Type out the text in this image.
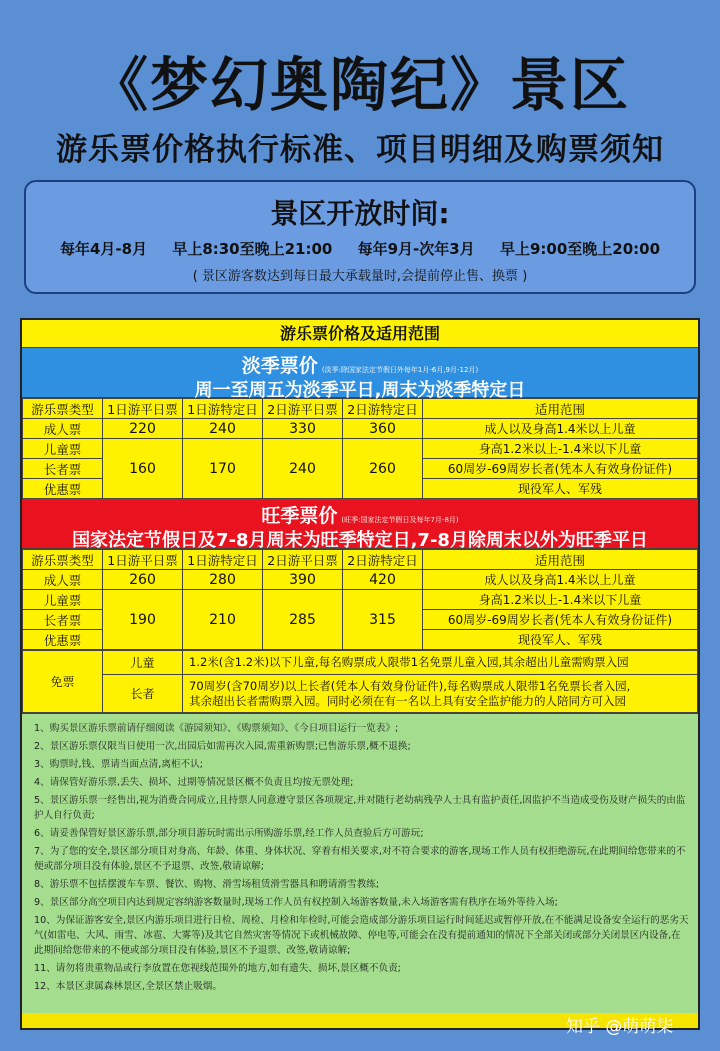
《梦幻奥陶纪》景区
游乐票价格执行标准、项目明细及购票须知
景区开放时间:
每年4月-8月 早上8:30至晚上21:00 每年9月-次年3月 早上9:00至晚上20:00
( 景区游客数达到每日最大承载量时,会提前停止售、换票 )
游乐票价格及适用范围
淡季票价 (淡季:除国家法定节假日外每年1月-6月,9月-12月)
周一至周五为淡季平日,周末为淡季特定日
游乐票类型	1日游平日票	1日游特定日	2日游平日票	2日游特定日	适用范围
成人票	220	240	330	360	成人以及身高1.4米以上儿童
儿童票	160	170	240	260	身高1.2米以上-1.4米以下儿童
长者票					60周岁-69周岁长者(凭本人有效身份证件)
优惠票					现役军人、军残
旺季票价 (旺季:国家法定节假日及每年7月-8月)
国家法定节假日及7-8月周末为旺季特定日,7-8月除周末以外为旺季平日
游乐票类型	1日游平日票	1日游特定日	2日游平日票	2日游特定日	适用范围
成人票	260	280	390	420	成人以及身高1.4米以上儿童
儿童票	190	210	285	315	身高1.2米以上-1.4米以下儿童
长者票					60周岁-69周岁长者(凭本人有效身份证件)
优惠票					现役军人、军残
免票	儿童	1.2米(含1.2米)以下儿童,每名购票成人限带1名免票儿童入园,其余超出儿童需购票入园
	长者	70周岁(含70周岁)以上长者(凭本人有效身份证件),每名购票成人限带1名免票长者入园,
其余超出长者需购票入园。同时必须在有一名以上具有安全监护能力的人陪同方可入园

1、购买景区游乐票前请仔细阅读《游园须知》、《购票须知》、《今日项目运行一览表》;

2、景区游乐票仅限当日使用一次,出园后如需再次入园,需重新购票;已售游乐票,概不退换;

3、购票时,钱、票请当面点清,离柜不认;

4、请保管好游乐票,丢失、损坏、过期等情况景区概不负责且均按无票处理;

5、景区游乐票一经售出,视为消费合同成立,且持票人同意遵守景区各项规定,并对随行老幼病残孕人士具有监护责任,因监护不当造成受伤及财产损失的由监护人自行负责;

6、请妥善保管好景区游乐票,部分项目游玩时需出示所购游乐票,经工作人员查验后方可游玩;

7、为了您的安全,景区部分项目对身高、年龄、体重、身体状况、穿着有相关要求,对不符合要求的游客,现场工作人员有权拒绝游玩,在此期间给您带来的不便或部分项目没有体验,景区不予退票、改签,敬请谅解;

8、游乐票不包括摆渡车车票、餐饮、购物、滑雪场租赁滑雪器具和聘请滑雪教练;

9、景区部分高空项目内达到规定容纳游客数量时,现场工作人员有权控制入场游客数量,未入场游客需有秩序在场外等待入场;

10、为保证游客安全,景区内游乐项目进行日检、周检、月检和年检时,可能会造成部分游乐项目运行时间延迟或暂停开放,在不能满足设备安全运行的恶劣天气(如雷电、大风、雨雪、冰雹、大雾等)及其它自然灾害等情况下或机械故障、停电等,可能会在没有提前通知的情况下全部关闭或部分关闭景区内设备,在此期间给您带来的不便或部分项目没有体验,景区不予退票、改签,敬请谅解;

11、请勿将贵重物品或行李放置在您视线范围外的地方,如有遗失、损坏,景区概不负责;

12、本景区隶属森林景区,全景区禁止吸烟。

知乎 @萌萌柒
